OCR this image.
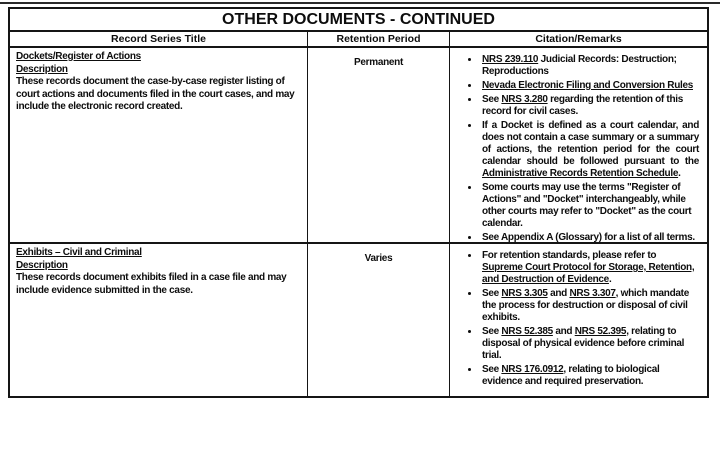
OTHER DOCUMENTS - CONTINUED
Record Series Title	Retention Period	Citation/Remarks
Dockets/Register of Actions
Description
These records document the case-by-case register listing of court actions and documents filed in the court cases, and may include the electronic record created.
Permanent	• NRS 239.110 Judicial Records: Destruction; Reproductions
• Nevada Electronic Filing and Conversion Rules
• See NRS 3.280 regarding the retention of this record for civil cases.
• If a Docket is defined as a court calendar, and does not contain a case summary or a summary of actions, the retention period for the court calendar should be followed pursuant to the Administrative Records Retention Schedule.
• Some courts may use the terms "Register of Actions" and "Docket" interchangeably, while other courts may refer to "Docket" as the court calendar.
• See Appendix A (Glossary) for a list of all terms.
Exhibits – Civil and Criminal
Description
These records document exhibits filed in a case file and may include evidence submitted in the case.
Varies	• For retention standards, please refer to Supreme Court Protocol for Storage, Retention, and Destruction of Evidence.
• See NRS 3.305 and NRS 3.307, which mandate the process for destruction or disposal of civil exhibits.
• See NRS 52.385 and NRS 52.395, relating to disposal of physical evidence before criminal trial.
• See NRS 176.0912, relating to biological evidence and required preservation.
